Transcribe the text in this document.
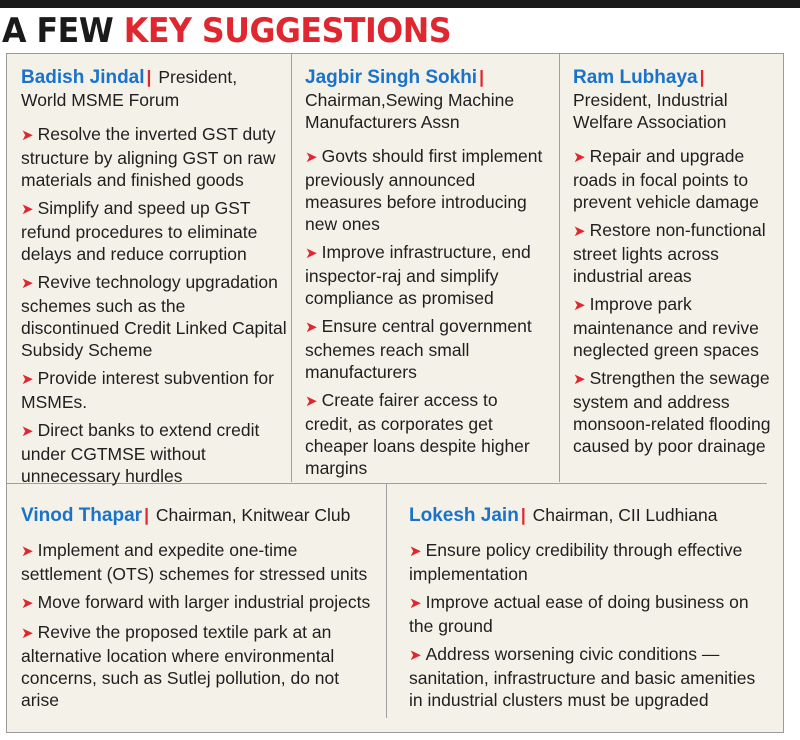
A FEW KEY SUGGESTIONS
Badish Jindal | President, World MSME Forum
➤ Resolve the inverted GST duty structure by aligning GST on raw materials and finished goods
➤ Simplify and speed up GST refund procedures to eliminate delays and reduce corruption
➤ Revive technology upgradation schemes such as the discontinued Credit Linked Capital Subsidy Scheme
➤ Provide interest subvention for MSMEs.
➤ Direct banks to extend credit under CGTMSE without unnecessary hurdles
Jagbir Singh Sokhi | Chairman,Sewing Machine Manufacturers Assn
➤ Govts should first implement previously announced measures before introducing new ones
➤ Improve infrastructure, end inspector-raj and simplify compliance as promised
➤ Ensure central government schemes reach small manufacturers
➤ Create fairer access to credit, as corporates get cheaper loans despite higher margins
Ram Lubhaya | President, Industrial Welfare Association
➤ Repair and upgrade roads in focal points to prevent vehicle damage
➤ Restore non-functional street lights across industrial areas
➤ Improve park maintenance and revive neglected green spaces
➤ Strengthen the sewage system and address monsoon-related flooding caused by poor drainage
Vinod Thapar | Chairman, Knitwear Club
➤ Implement and expedite one-time settlement (OTS) schemes for stressed units
➤ Move forward with larger industrial projects
➤ Revive the proposed textile park at an alternative location where environmental concerns, such as Sutlej pollution, do not arise
Lokesh Jain | Chairman, CII Ludhiana
➤ Ensure policy credibility through effective implementation
➤ Improve actual ease of doing business on the ground
➤ Address worsening civic conditions — sanitation, infrastructure and basic amenities in industrial clusters must be upgraded
